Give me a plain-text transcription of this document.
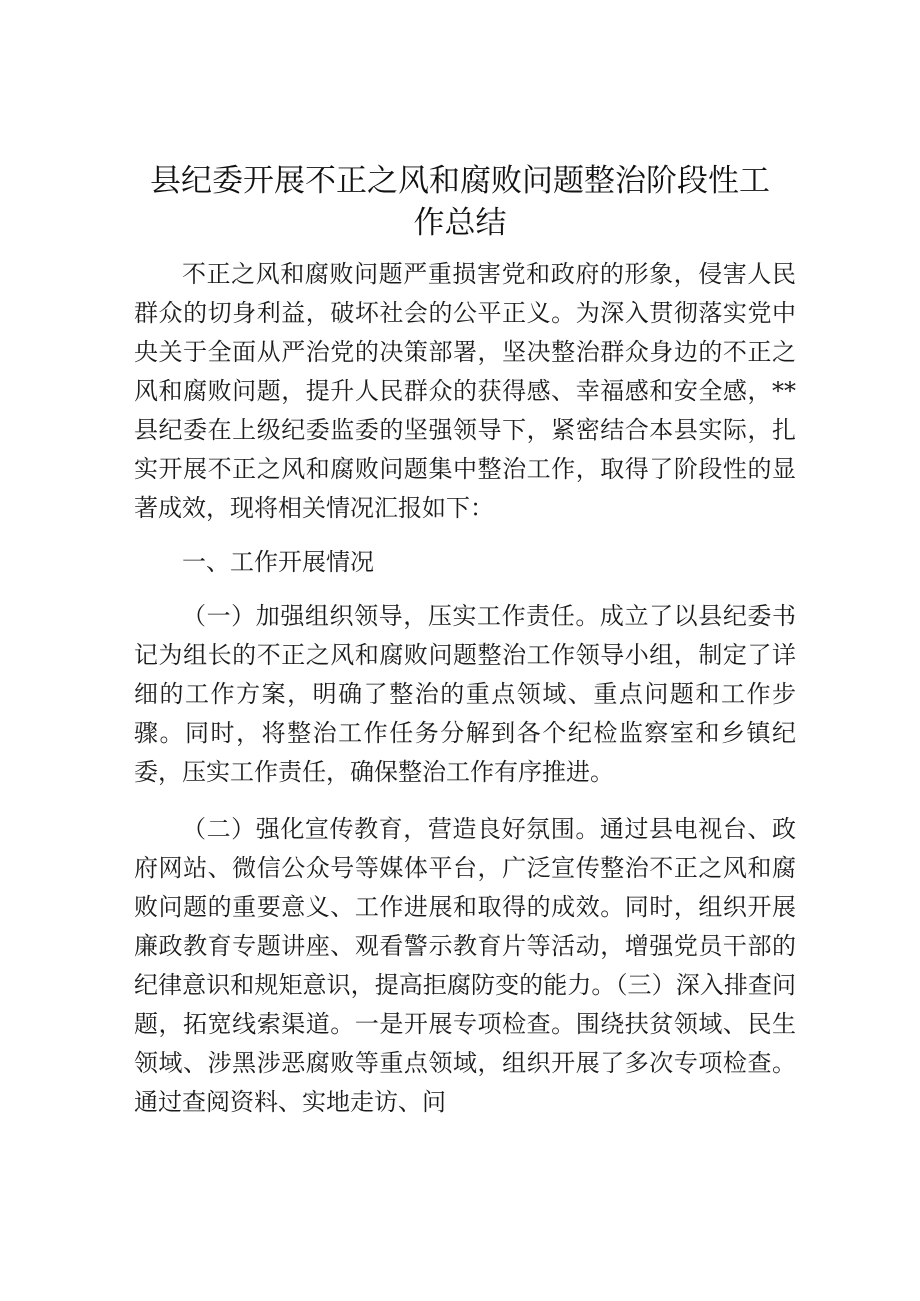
县纪委开展不正之风和腐败问题整治阶段性工作总结

不正之风和腐败问题严重损害党和政府的形象，侵害人民群众的切身利益，破坏社会的公平正义。为深入贯彻落实党中央关于全面从严治党的决策部署，坚决整治群众身边的不正之风和腐败问题，提升人民群众的获得感、幸福感和安全感，**县纪委在上级纪委监委的坚强领导下，紧密结合本县实际，扎实开展不正之风和腐败问题集中整治工作，取得了阶段性的显著成效，现将相关情况汇报如下：

一、工作开展情况

（一）加强组织领导，压实工作责任。成立了以县纪委书记为组长的不正之风和腐败问题整治工作领导小组，制定了详细的工作方案，明确了整治的重点领域、重点问题和工作步骤。同时，将整治工作任务分解到各个纪检监察室和乡镇纪委，压实工作责任，确保整治工作有序推进。

（二）强化宣传教育，营造良好氛围。通过县电视台、政府网站、微信公众号等媒体平台，广泛宣传整治不正之风和腐败问题的重要意义、工作进展和取得的成效。同时，组织开展廉政教育专题讲座、观看警示教育片等活动，增强党员干部的纪律意识和规矩意识，提高拒腐防变的能力。（三）深入排查问题，拓宽线索渠道。一是开展专项检查。围绕扶贫领域、民生领域、涉黑涉恶腐败等重点领域，组织开展了多次专项检查。通过查阅资料、实地走访、问
